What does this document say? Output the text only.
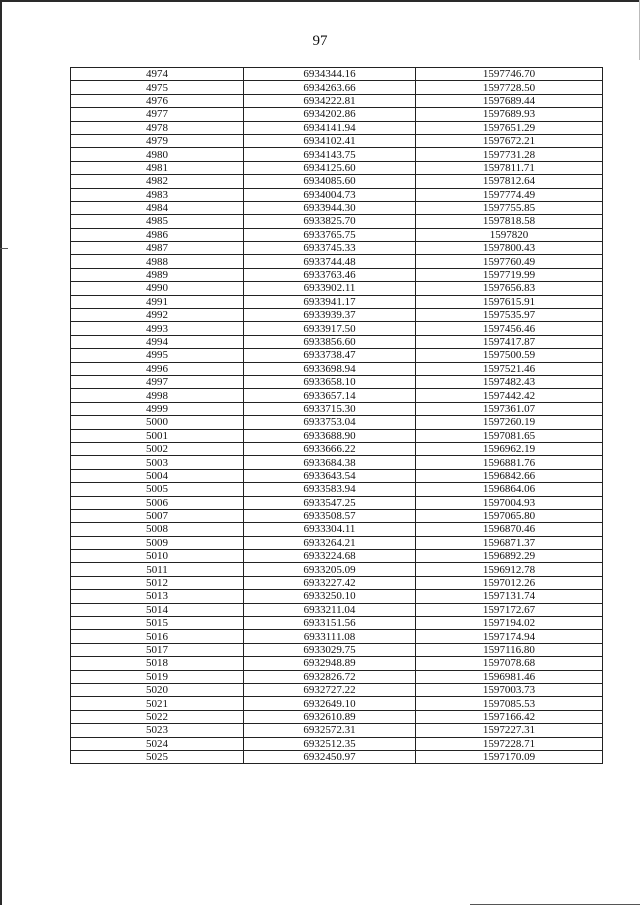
97
4974	6934344.16	1597746.70
4975	6934263.66	1597728.50
4976	6934222.81	1597689.44
4977	6934202.86	1597689.93
4978	6934141.94	1597651.29
4979	6934102.41	1597672.21
4980	6934143.75	1597731.28
4981	6934125.60	1597811.71
4982	6934085.60	1597812.64
4983	6934004.73	1597774.49
4984	6933944.30	1597755.85
4985	6933825.70	1597818.58
4986	6933765.75	1597820
4987	6933745.33	1597800.43
4988	6933744.48	1597760.49
4989	6933763.46	1597719.99
4990	6933902.11	1597656.83
4991	6933941.17	1597615.91
4992	6933939.37	1597535.97
4993	6933917.50	1597456.46
4994	6933856.60	1597417.87
4995	6933738.47	1597500.59
4996	6933698.94	1597521.46
4997	6933658.10	1597482.43
4998	6933657.14	1597442.42
4999	6933715.30	1597361.07
5000	6933753.04	1597260.19
5001	6933688.90	1597081.65
5002	6933666.22	1596962.19
5003	6933684.38	1596881.76
5004	6933643.54	1596842.66
5005	6933583.94	1596864.06
5006	6933547.25	1597004.93
5007	6933508.57	1597065.80
5008	6933304.11	1596870.46
5009	6933264.21	1596871.37
5010	6933224.68	1596892.29
5011	6933205.09	1596912.78
5012	6933227.42	1597012.26
5013	6933250.10	1597131.74
5014	6933211.04	1597172.67
5015	6933151.56	1597194.02
5016	6933111.08	1597174.94
5017	6933029.75	1597116.80
5018	6932948.89	1597078.68
5019	6932826.72	1596981.46
5020	6932727.22	1597003.73
5021	6932649.10	1597085.53
5022	6932610.89	1597166.42
5023	6932572.31	1597227.31
5024	6932512.35	1597228.71
5025	6932450.97	1597170.09
